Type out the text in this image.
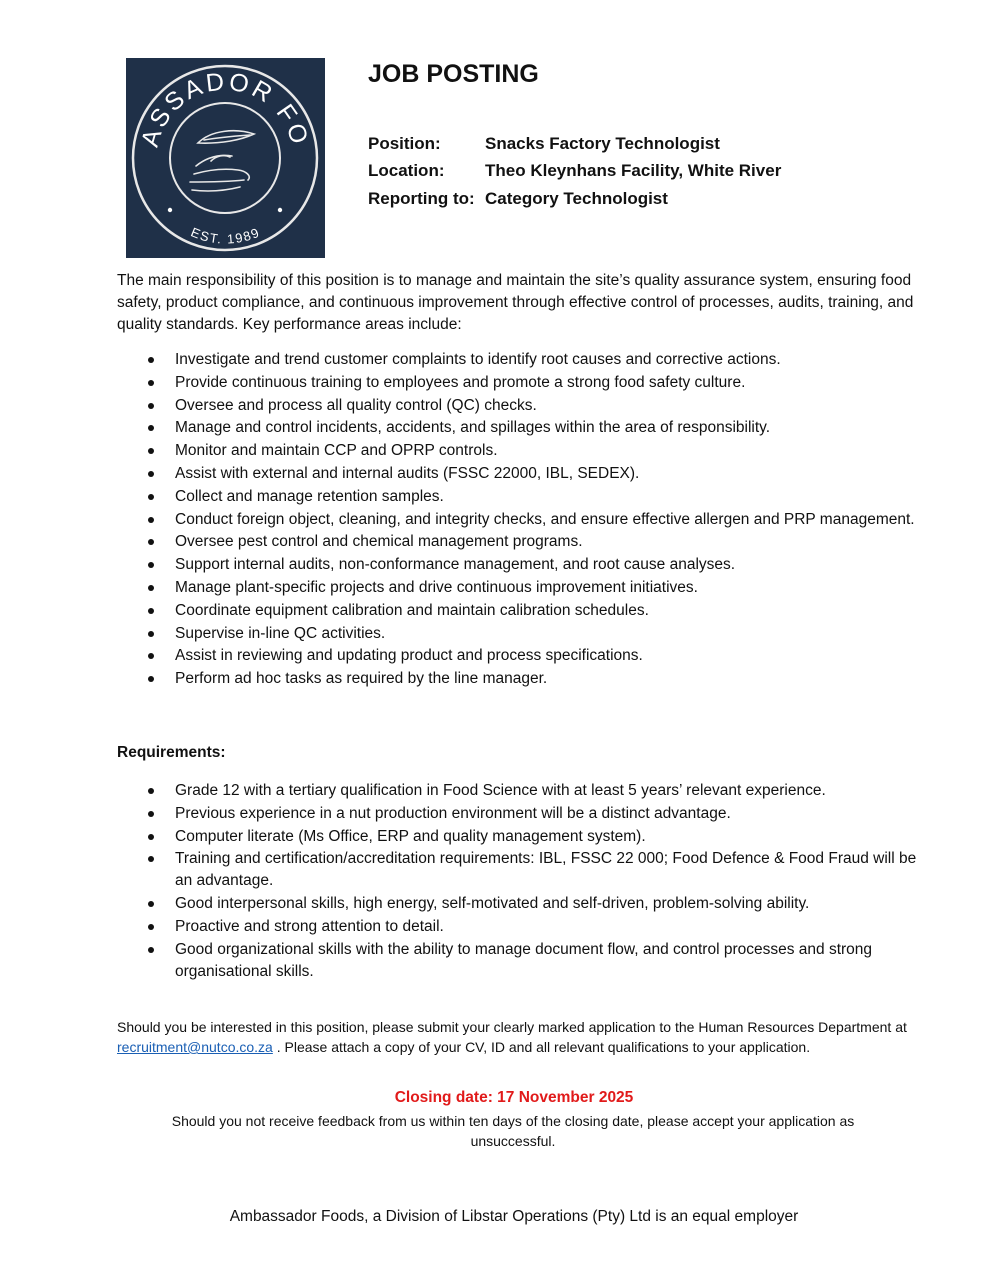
ASSADOR FO
EST. 1989
JOB POSTING
Position:	Snacks Factory Technologist
Location:	Theo Kleynhans Facility, White River
Reporting to: Category Technologist

The main responsibility of this position is to manage and maintain the site’s quality assurance system, ensuring food safety, product compliance, and continuous improvement through effective control of processes, audits, training, and quality standards. Key performance areas include:

Investigate and trend customer complaints to identify root causes and corrective actions.
Provide continuous training to employees and promote a strong food safety culture.
Oversee and process all quality control (QC) checks.
Manage and control incidents, accidents, and spillages within the area of responsibility.
Monitor and maintain CCP and OPRP controls.
Assist with external and internal audits (FSSC 22000, IBL, SEDEX).
Collect and manage retention samples.
Conduct foreign object, cleaning, and integrity checks, and ensure effective allergen and PRP management.
Oversee pest control and chemical management programs.
Support internal audits, non-conformance management, and root cause analyses.
Manage plant-specific projects and drive continuous improvement initiatives.
Coordinate equipment calibration and maintain calibration schedules.
Supervise in-line QC activities.
Assist in reviewing and updating product and process specifications.
Perform ad hoc tasks as required by the line manager.
Requirements:
Grade 12 with a tertiary qualification in Food Science with at least 5 years’ relevant experience.
Previous experience in a nut production environment will be a distinct advantage.
Computer literate (Ms Office, ERP and quality management system).
Training and certification/accreditation requirements: IBL, FSSC 22 000; Food Defence & Food Fraud will be an advantage.
Good interpersonal skills, high energy, self-motivated and self-driven, problem-solving ability.
Proactive and strong attention to detail.
Good organizational skills with the ability to manage document flow, and control processes and strong organisational skills.

Should you be interested in this position, please submit your clearly marked application to the Human Resources Department at recruitment@nutco.co.za . Please attach a copy of your CV, ID and all relevant qualifications to your application.

Closing date: 17 November 2025

Should you not receive feedback from us within ten days of the closing date, please accept your application as unsuccessful.

Ambassador Foods, a Division of Libstar Operations (Pty) Ltd is an equal employer
